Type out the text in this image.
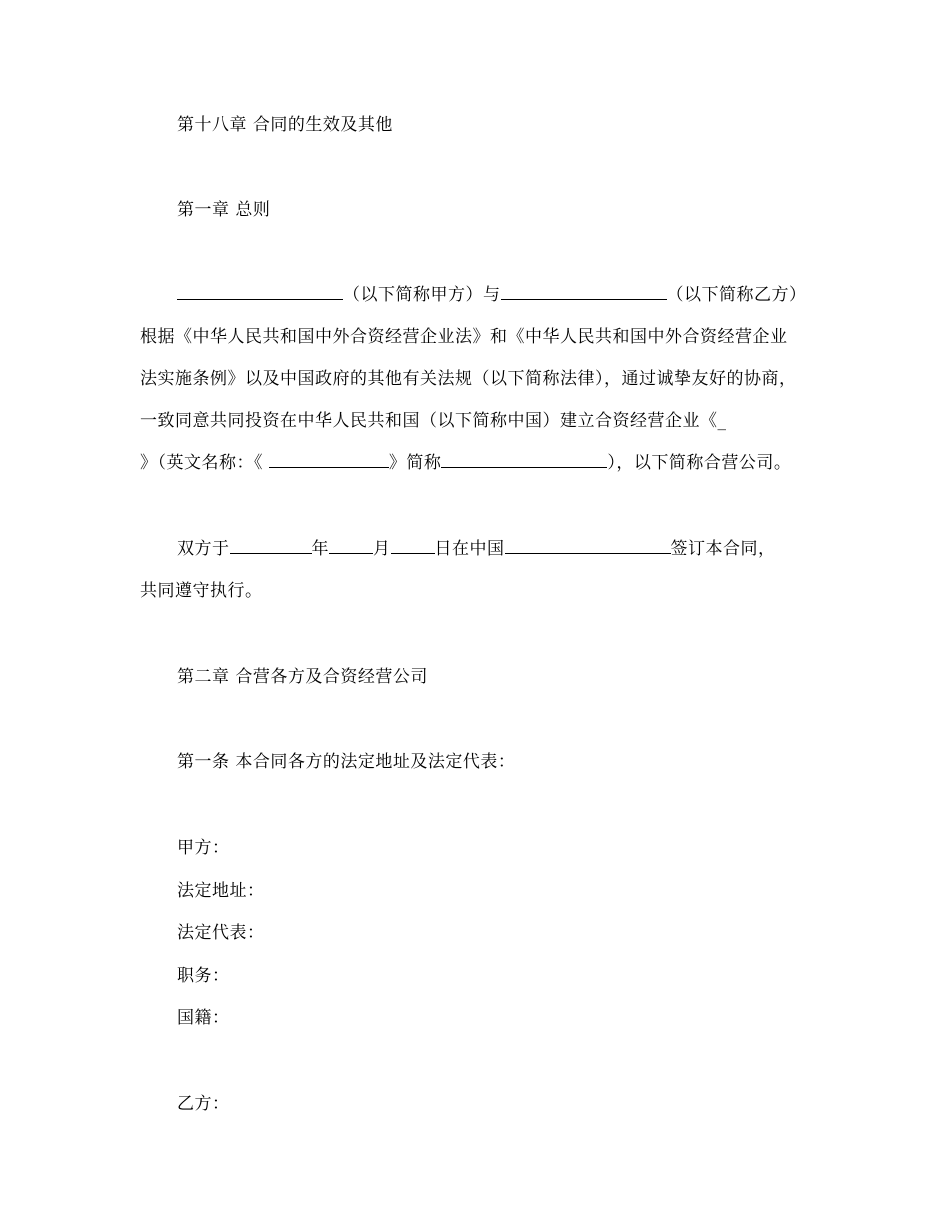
第十八章 合同的生效及其他
第一章 总则
（以下简称甲方）与	（以下简称乙方）
根据《中华人民共和国中外合资经营企业法》和《中华人民共和国中外合资经营企业
法实施条例》以及中国政府的其他有关法规（以下简称法律），通过诚挚友好的协商，
一致同意共同投资在中华人民共和国（以下简称中国）建立合资经营企业《_
》（英文名称：《	》简称	），以下简称合营公司。
双方于	年	月	日在中国	签订本合同，
共同遵守执行。
第二章 合营各方及合资经营公司
第一条 本合同各方的法定地址及法定代表：
甲方：
法定地址：
法定代表：
职务：
国籍：
乙方：
